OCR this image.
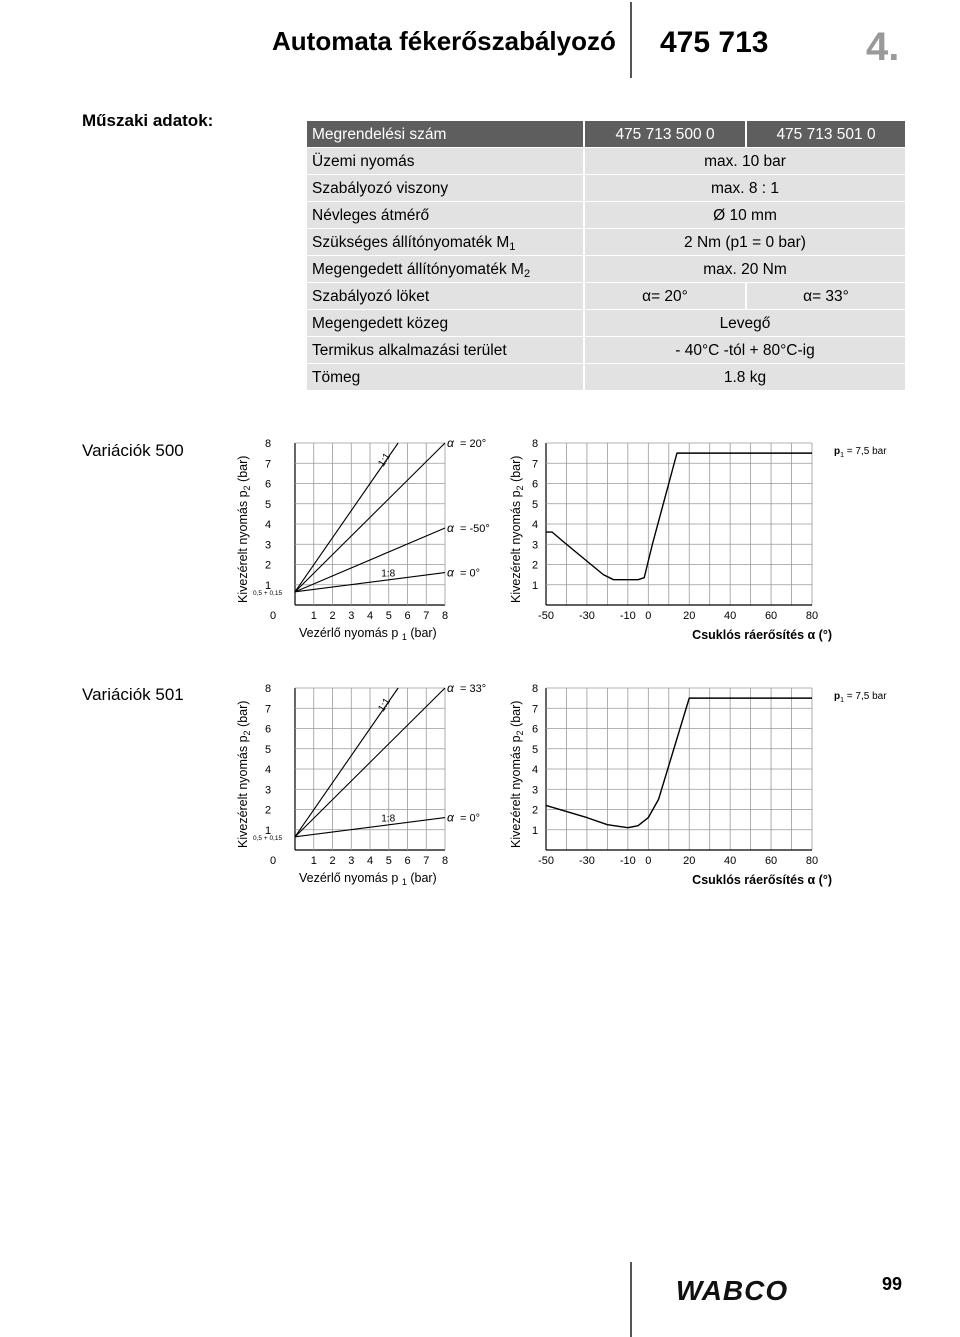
Automata fékerőszabályozó 475 713 4.
Műszaki adatok:
Megrendelési szám	475 713 500 0	475 713 501 0
Üzemi nyomás	max. 10 bar
Szabályozó viszony	max. 8 : 1
Névleges átmérő	Ø 10 mm
Szükséges állítónyomaték $M_1$	2 Nm (p1 = 0 bar)
Megengedett állítónyomaték $M_2$	max. 20 Nm
Szabályozó löket	α= 20°	α= 33°
Megengedett közeg	Levegő
Termikus alkalmazási terület	- 40°C -tól + 80°C-ig
Tömeg	1.8 kg
Variációk 500
Variációk 501
0	1 2 3 4 5 6 7 8
1
2
3
4
5
6
7
8
0,5 + 0,15
1:1
1:8
α = 20°
α = -50°
α = 0°
Kivezérelt nyomás $p_2$ (bar)
Vezérlő nyomás p $_1$ (bar)
-50 -30 -10 0	20	40	60	80
1
2
3
4
5
6
7
8
$p_1 = 7,5$ bar
Kivezérelt nyomás $p_2$ (bar)
Csuklós ráerősítés α (°)
0	1 2 3 4 5 6 7 8
1
2
3
4
5
6
7
8
0,5 + 0,15
1:1
1:8
α = 33°
α = 0°
Kivezérelt nyomás $p_2$ (bar)
Vezérlő nyomás p $_1$ (bar)
-50 -30 -10 0	20	40	60	80
1
2
3
4
5
6
7
8
$p_1 = 7,5$ bar
Kivezérelt nyomás $p_2$ (bar)
Csuklós ráerősítés α (°)
WABCO	99
